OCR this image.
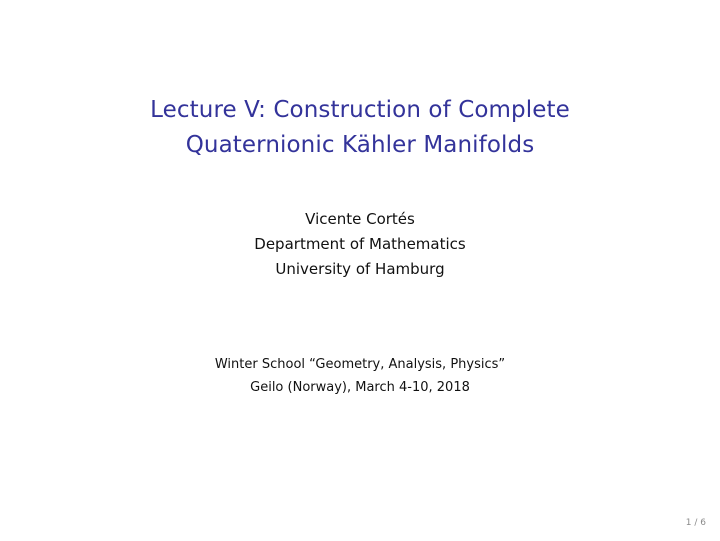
Lecture V: Construction of Complete
Quaternionic Kähler Manifolds
Vicente Cortés
Department of Mathematics
University of Hamburg
Winter School “Geometry, Analysis, Physics”
Geilo (Norway), March 4-10, 2018
1 / 6
